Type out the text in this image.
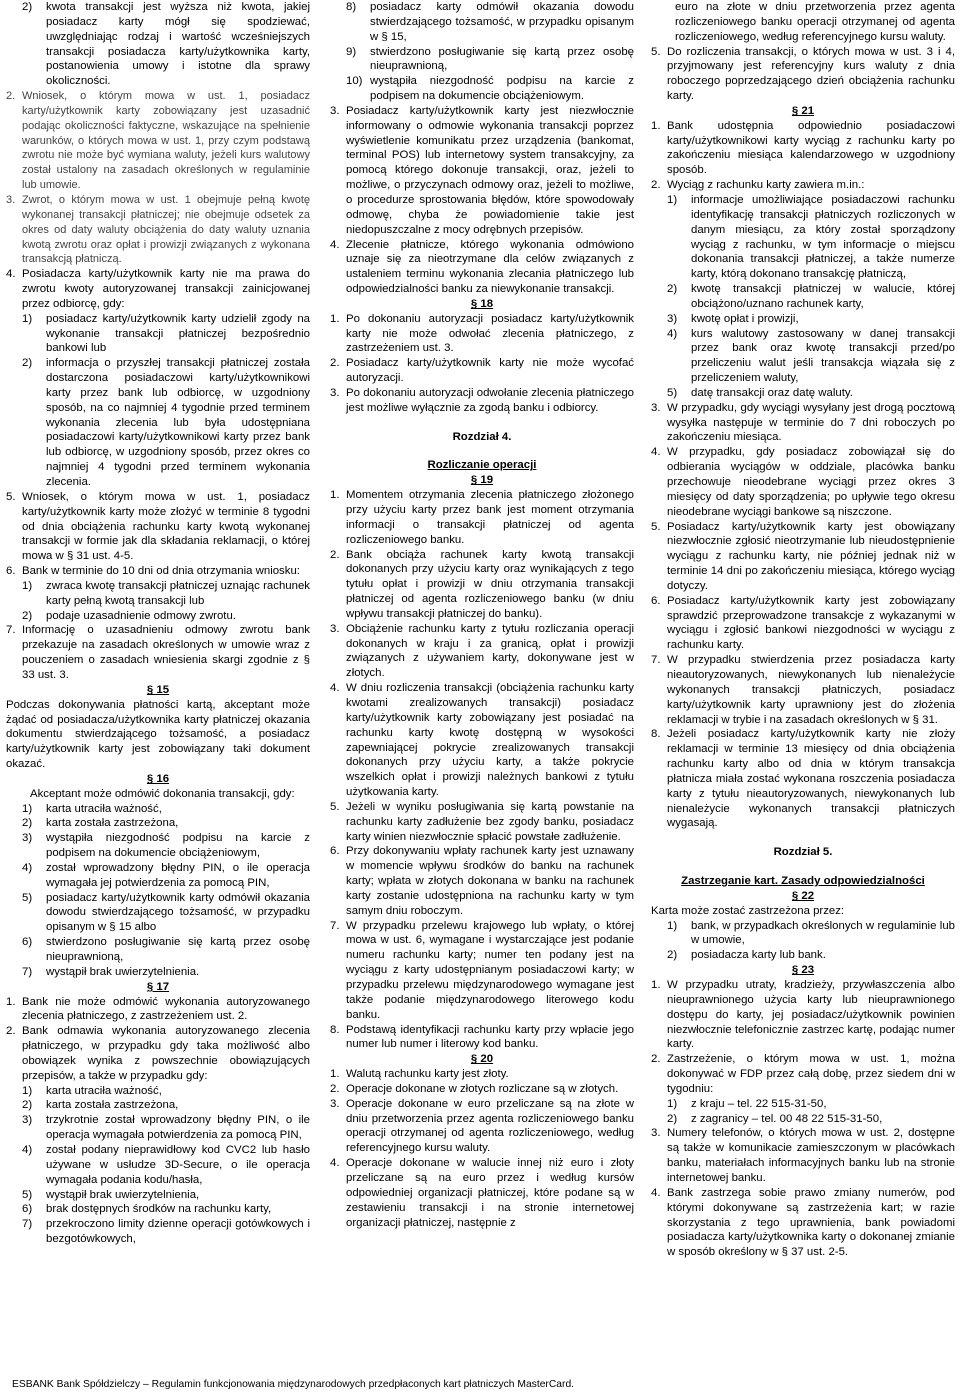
2)	kwota transakcji jest wyższa niż kwota, jakiej posiadacz karty mógł się spodziewać, uwzględniając rodzaj i wartość wcześniejszych transakcji posiadacza karty/użytkownika karty, postanowienia umowy i istotne dla sprawy okoliczności.
2. Wniosek, o którym mowa w ust. 1, posiadacz karty/użytkownik karty zobowiązany jest uzasadnić podając okoliczności faktyczne, wskazujące na spełnienie warunków, o których mowa w ust. 1, przy czym podstawą zwrotu nie może być wymiana waluty, jeżeli kurs walutowy został ustalony na zasadach określonych w regulaminie lub umowie.
3. Zwrot, o którym mowa w ust. 1 obejmuje pełną kwotę wykonanej transakcji płatniczej; nie obejmuje odsetek za okres od daty waluty obciążenia do daty waluty uznania kwotą zwrotu oraz opłat i prowizji związanych z wykonana transakcją płatniczą.
4. Posiadacza karty/użytkownik karty nie ma prawa do zwrotu kwoty autoryzowanej transakcji zainicjowanej przez odbiorcę, gdy:
1)	posiadacz karty/użytkownik karty udzielił zgody na wykonanie transakcji płatniczej bezpośrednio bankowi lub
2)	informacja o przyszłej transakcji płatniczej została dostarczona posiadaczowi karty/użytkownikowi karty przez bank lub odbiorcę, w uzgodniony sposób, na co najmniej 4 tygodnie przed terminem wykonania zlecenia lub była udostępniana posiadaczowi karty/użytkownikowi karty przez bank lub odbiorcę, w uzgodniony sposób, przez okres co najmniej 4 tygodni przed terminem wykonania zlecenia.
5. Wniosek, o którym mowa w ust. 1, posiadacz karty/użytkownik karty może złożyć w terminie 8 tygodni od dnia obciążenia rachunku karty kwotą wykonanej transakcji w formie jak dla składania reklamacji, o której mowa w § 31 ust. 4-5.
6. Bank w terminie do 10 dni od dnia otrzymania wniosku:
1)	zwraca kwotę transakcji płatniczej uznając rachunek karty pełną kwotą transakcji lub
2)	podaje uzasadnienie odmowy zwrotu.
7. Informację o uzasadnieniu odmowy zwrotu bank przekazuje na zasadach określonych w umowie wraz z pouczeniem o zasadach wniesienia skargi zgodnie z § 33 ust. 3.
§ 15
Podczas dokonywania płatności kartą, akceptant może żądać od posiadacza/użytkownika karty płatniczej okazania dokumentu stwierdzającego tożsamość, a posiadacz karty/użytkownik karty jest zobowiązany taki dokument okazać.
§ 16
Akceptant może odmówić dokonania transakcji, gdy:
1)	karta utraciła ważność,
2)	karta została zastrzeżona,
3)	wystąpiła niezgodność podpisu na karcie z podpisem na dokumencie obciążeniowym,
4)	został wprowadzony błędny PIN, o ile operacja wymagała jej potwierdzenia za pomocą PIN,
5)	posiadacz karty/użytkownik karty odmówił okazania dowodu stwierdzającego tożsamość, w przypadku opisanym w § 15 albo
6)	stwierdzono posługiwanie się kartą przez osobę nieuprawnioną,
7)	wystąpił brak uwierzytelnienia.
§ 17
1. Bank nie może odmówić wykonania autoryzowanego zlecenia płatniczego, z zastrzeżeniem ust. 2.
2. Bank odmawia wykonania autoryzowanego zlecenia płatniczego, w przypadku gdy taka możliwość albo obowiązek wynika z powszechnie obowiązujących przepisów, a także w przypadku gdy:
1)	karta utraciła ważność,
2)	karta została zastrzeżona,
3)	trzykrotnie został wprowadzony błędny PIN, o ile operacja wymagała potwierdzenia za pomocą PIN,
4)	został podany nieprawidłowy kod CVC2 lub hasło używane w usłudze 3D-Secure, o ile operacja wymagała podania kodu/hasła,
5)	wystąpił brak uwierzytelnienia,
6)	brak dostępnych środków na rachunku karty,
7)	przekroczono limity dzienne operacji gotówkowych i bezgotówkowych,
8)	posiadacz karty odmówił okazania dowodu stwierdzającego tożsamość, w przypadku opisanym w § 15,
9)	stwierdzono posługiwanie się kartą przez osobę nieuprawnioną,
10) wystąpiła niezgodność podpisu na karcie z podpisem na dokumencie obciążeniowym.
3. Posiadacz karty/użytkownik karty jest niezwłocznie informowany o odmowie wykonania transakcji poprzez wyświetlenie komunikatu przez urządzenia (bankomat, terminal POS) lub internetowy system transakcyjny, za pomocą którego dokonuje transakcji, oraz, jeżeli to możliwe, o przyczynach odmowy oraz, jeżeli to możliwe, o procedurze sprostowania błędów, które spowodowały odmowę, chyba że powiadomienie takie jest niedopuszczalne z mocy odrębnych przepisów.
4. Zlecenie płatnicze, którego wykonania odmówiono uznaje się za nieotrzymane dla celów związanych z ustaleniem terminu wykonania zlecania płatniczego lub odpowiedzialności banku za niewykonanie transakcji.
§ 18
1. Po dokonaniu autoryzacji posiadacz karty/użytkownik karty nie może odwołać zlecenia płatniczego, z zastrzeżeniem ust. 3.
2. Posiadacz karty/użytkownik karty nie może wycofać autoryzacji.
3. Po dokonaniu autoryzacji odwołanie zlecenia płatniczego jest możliwe wyłącznie za zgodą banku i odbiorcy.
Rozdział 4.
Rozliczanie operacji
§ 19
1. Momentem otrzymania zlecenia płatniczego złożonego przy użyciu karty przez bank jest moment otrzymania informacji o transakcji płatniczej od agenta rozliczeniowego banku.
2. Bank obciąża rachunek karty kwotą transakcji dokonanych przy użyciu karty oraz wynikających z tego tytułu opłat i prowizji w dniu otrzymania transakcji płatniczej od agenta rozliczeniowego banku (w dniu wpływu transakcji płatniczej do banku).
3. Obciążenie rachunku karty z tytułu rozliczania operacji dokonanych w kraju i za granicą, opłat i prowizji związanych z używaniem karty, dokonywane jest w złotych.
4. W dniu rozliczenia transakcji (obciążenia rachunku karty kwotami zrealizowanych transakcji) posiadacz karty/użytkownik karty zobowiązany jest posiadać na rachunku karty kwotę dostępną w wysokości zapewniającej pokrycie zrealizowanych transakcji dokonanych przy użyciu karty, a także pokrycie wszelkich opłat i prowizji należnych bankowi z tytułu użytkowania karty.
5. Jeżeli w wyniku posługiwania się kartą powstanie na rachunku karty zadłużenie bez zgody banku, posiadacz karty winien niezwłocznie spłacić powstałe zadłużenie.
6. Przy dokonywaniu wpłaty rachunek karty jest uznawany w momencie wpływu środków do banku na rachunek karty; wpłata w złotych dokonana w banku na rachunek karty zostanie udostępniona na rachunku karty w tym samym dniu roboczym.
7. W przypadku przelewu krajowego lub wpłaty, o której mowa w ust. 6, wymagane i wystarczające jest podanie numeru rachunku karty; numer ten podany jest na wyciągu z karty udostępnianym posiadaczowi karty; w przypadku przelewu międzynarodowego wymagane jest także podanie międzynarodowego literowego kodu banku.
8. Podstawą identyfikacji rachunku karty przy wpłacie jego numer lub numer i literowy kod banku.
§ 20
1. Walutą rachunku karty jest złoty.
2. Operacje dokonane w złotych rozliczane są w złotych.
3. Operacje dokonane w euro przeliczane są na złote w dniu przetworzenia przez agenta rozliczeniowego banku operacji otrzymanej od agenta rozliczeniowego, według referencyjnego kursu waluty.
4. Operacje dokonane w walucie innej niż euro i złoty przeliczane są na euro przez i według kursów odpowiedniej organizacji płatniczej, które podane są w zestawieniu transakcji i na stronie internetowej organizacji płatniczej, następnie z
euro na złote w dniu przetworzenia przez agenta rozliczeniowego banku operacji otrzymanej od agenta rozliczeniowego, według referencyjnego kursu waluty.
5. Do rozliczenia transakcji, o których mowa w ust. 3 i 4, przyjmowany jest referencyjny kurs waluty z dnia roboczego poprzedzającego dzień obciążenia rachunku karty.
§ 21
1. Bank udostępnia odpowiednio posiadaczowi karty/użytkownikowi karty wyciąg z rachunku karty po zakończeniu miesiąca kalendarzowego w uzgodniony sposób.
2. Wyciąg z rachunku karty zawiera m.in.:
1)	informacje umożliwiające posiadaczowi rachunku identyfikację transakcji płatniczych rozliczonych w danym miesiącu, za który został sporządzony wyciąg z rachunku, w tym informacje o miejscu dokonania transakcji płatniczej, a także numerze karty, którą dokonano transakcję płatniczą,
2)	kwotę transakcji płatniczej w walucie, której obciążono/uznano rachunek karty,
3)	kwotę opłat i prowizji,
4)	kurs walutowy zastosowany w danej transakcji przez bank oraz kwotę transakcji przed/po przeliczeniu walut jeśli transakcja wiązała się z przeliczeniem waluty,
5)	datę transakcji oraz datę waluty.
3. W przypadku, gdy wyciągi wysyłany jest drogą pocztową wysyłka następuje w terminie do 7 dni roboczych po zakończeniu miesiąca.
4. W przypadku, gdy posiadacz zobowiązał się do odbierania wyciągów w oddziale, placówka banku przechowuje nieodebrane wyciągi przez okres 3 miesięcy od daty sporządzenia; po upływie tego okresu nieodebrane wyciągi bankowe są niszczone.
5. Posiadacz karty/użytkownik karty jest obowiązany niezwłocznie zgłosić nieotrzymanie lub nieudostępnienie wyciągu z rachunku karty, nie później jednak niż w terminie 14 dni po zakończeniu miesiąca, którego wyciąg dotyczy.
6. Posiadacz karty/użytkownik karty jest zobowiązany sprawdzić przeprowadzone transakcje z wykazanymi w wyciągu i zgłosić bankowi niezgodności w wyciągu z rachunku karty.
7. W przypadku stwierdzenia przez posiadacza karty nieautoryzowanych, niewykonanych lub nienależycie wykonanych transakcji płatniczych, posiadacz karty/użytkownik karty uprawniony jest do złożenia reklamacji w trybie i na zasadach określonych w § 31.
8. Jeżeli posiadacz karty/użytkownik karty nie złoży reklamacji w terminie 13 miesięcy od dnia obciążenia rachunku karty albo od dnia w którym transakcja płatnicza miała zostać wykonana roszczenia posiadacza karty z tytułu nieautoryzowanych, niewykonanych lub nienależycie wykonanych transakcji płatniczych wygasają.
Rozdział 5.
Zastrzeganie kart. Zasady odpowiedzialności
§ 22
Karta może zostać zastrzeżona przez:
1)	bank, w przypadkach określonych w regulaminie lub w umowie,
2)	posiadacza karty lub bank.
§ 23
1. W przypadku utraty, kradzieży, przywłaszczenia albo nieuprawnionego użycia karty lub nieuprawnionego dostępu do karty, jej posiadacz/użytkownik powinien niezwłocznie telefonicznie zastrzec kartę, podając numer karty.
2. Zastrzeżenie, o którym mowa w ust. 1, można dokonywać w FDP przez całą dobę, przez siedem dni w tygodniu:
1)	z kraju – tel. 22 515-31-50,
2)	z zagranicy – tel. 00 48 22 515-31-50,
3. Numery telefonów, o których mowa w ust. 2, dostępne są także w komunikacie zamieszczonym w placówkach banku, materiałach informacyjnych banku lub na stronie internetowej banku.
4. Bank zastrzega sobie prawo zmiany numerów, pod którymi dokonywane są zastrzeżenia kart; w razie skorzystania z tego uprawnienia, bank powiadomi posiadacza karty/użytkownika karty o dokonanej zmianie w sposób określony w § 37 ust. 2-5.
ESBANK Bank Spółdzielczy – Regulamin funkcjonowania międzynarodowych przedpłaconych kart płatniczych MasterCard.
